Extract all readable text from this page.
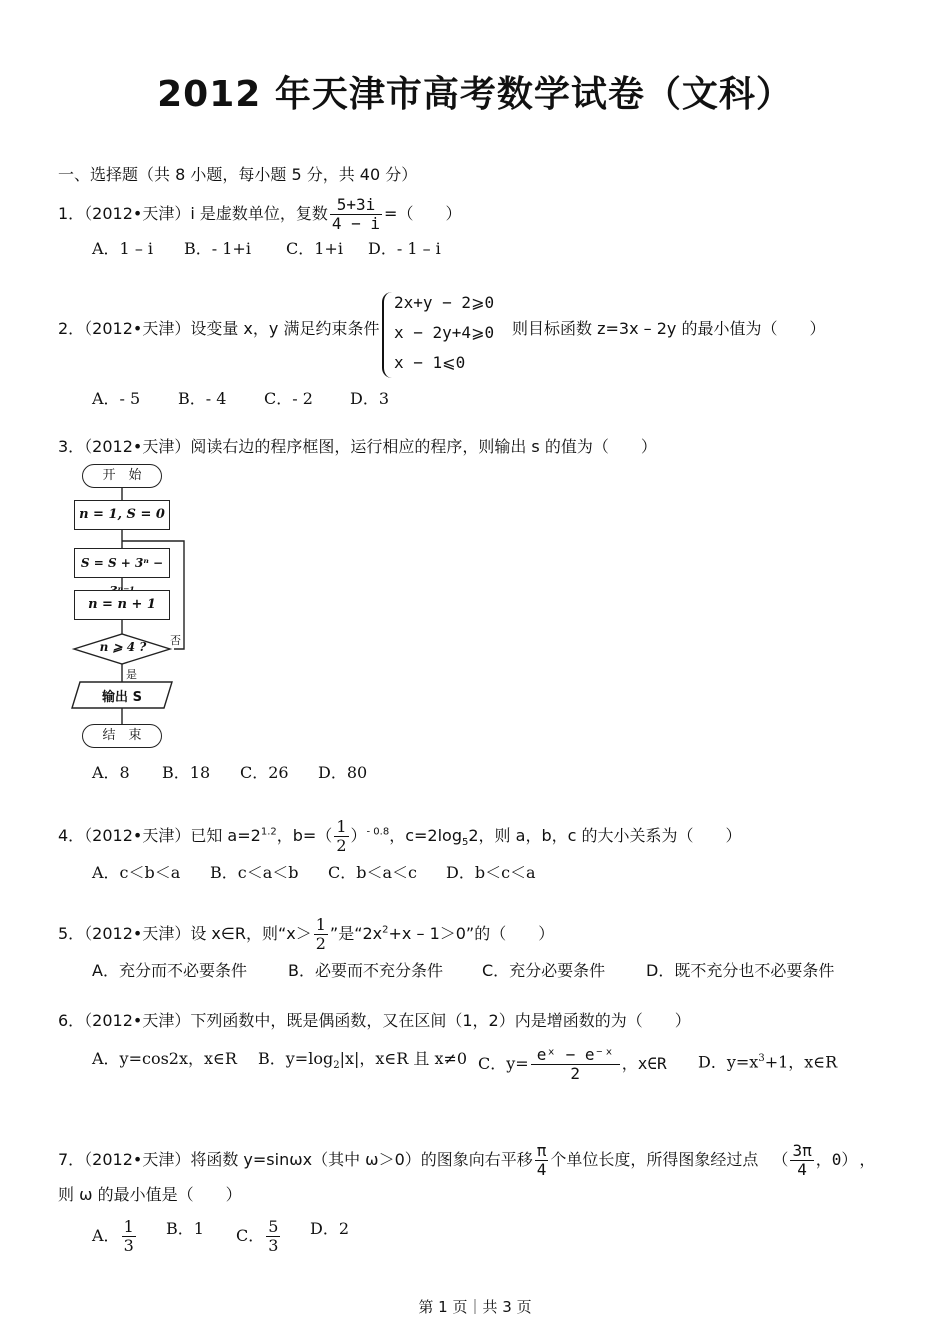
2012 年天津市高考数学试卷（文科）
一、选择题（共 8 小题，每小题 5 分，共 40 分）
1．（2012•天津）i 是虚数单位，复数 $\frac{5+3i}{4 - i}$ =（　　）
A．1 – i B．- 1+i C．1+i D．- 1 – i
2．（2012•天津）设变量 x，y 满足约束条件
2x+y − 2⩾0
x − 2y+4⩾0
x − 1⩽0
则目标函数 z=3x – 2y 的最小值为（　　）
A．- 5 B．- 4 C．- 2 D．3
3．（2012•天津）阅读右边的程序框图，运行相应的程序，则输出 s 的值为（　　）
开　始
n = 1, S = 0
S = S + 3ⁿ −
n = n + 1
n ⩾ 4 ?	否
是
输出 S
结　束
A．8 B．18 C．26 D．80
4．（2012•天津）已知 $a=2^{1.2}$，$b=( \frac{1}{2} )^{- 0.8}$，$c=2\log_52$，则 a，b，c 的大小关系为（　　）
A．c＜b＜a B．c＜a＜b C．b＜a＜c D．b＜c＜a
5．（2012•天津）设 x∈R，则“$x> \frac{1}{2}$ ”是“$2x^2+x - 1>0$”的（　　）
A．充分而不必要条件	B．必要而不充分条件 C．充分必要条件	D．既不充分也不必要条件
6．（2012•天津）下列函数中，既是偶函数，又在区间（1，2）内是增函数的为（　　）
A．y=cos2x，x∈R B．$y=\log_2|x|$，x∈R 且 x≠0 C．$y= \frac{\text{eˣ − e⁻ˣ}}{2}$ ，x∈R D．$y=x^3+1$，x∈R
7．（2012•天津）将函数 y=sinωx（其中 ω＞0）的图象向右平移 $\frac{\pi}{4}$ 个单位长度，所得图象经过点 （ $\frac{3\pi}{4}$ ，0） ，
则 ω 的最小值是（　　）
A． $\frac{1}{3}$ B．1 C． $\frac{5}{3}$ D．2
第 1 页｜共 3 页
